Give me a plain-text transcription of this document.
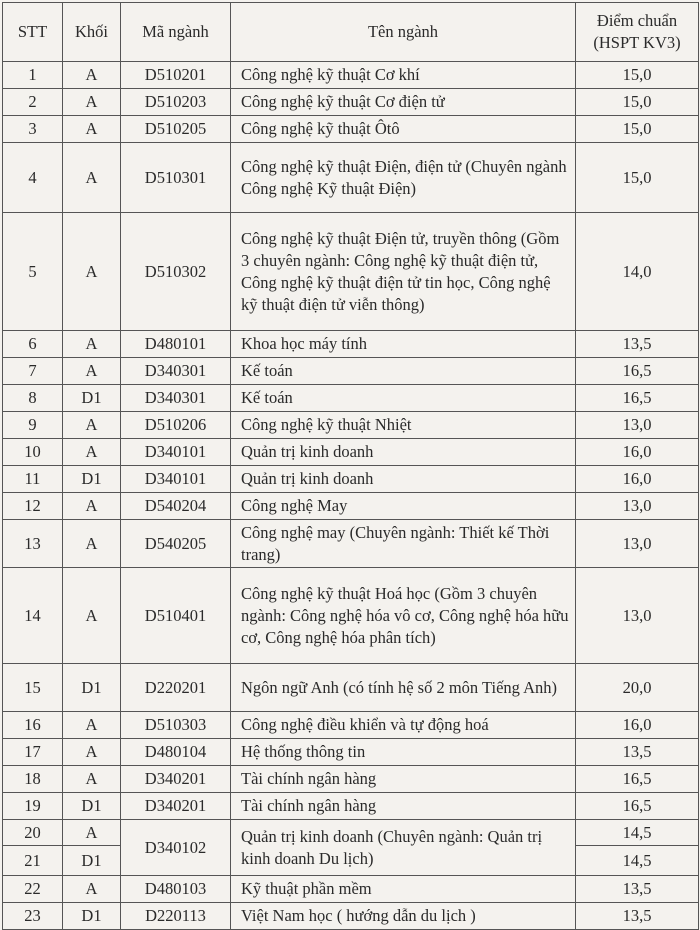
STT	Khối	Mã ngành	Tên ngành	Điểm chuẩn (HSPT KV3)
1	A	D510201	Công nghệ kỹ thuật Cơ khí	15,0
2	A	D510203	Công nghệ kỹ thuật Cơ điện tử	15,0
3	A	D510205	Công nghệ kỹ thuật Ôtô	15,0
4	A	D510301	Công nghệ kỹ thuật Điện, điện tử (Chuyên ngành Công nghệ Kỹ thuật Điện)	15,0
5	A	D510302	Công nghệ kỹ thuật Điện tử, truyền thông (Gồm 3 chuyên ngành: Công nghệ kỹ thuật điện tử, Công nghệ kỹ thuật điện tử tin học, Công nghệ kỹ thuật điện tử viễn thông)	14,0
6	A	D480101	Khoa học máy tính	13,5
7	A	D340301	Kế toán	16,5
8	D1	D340301	Kế toán	16,5
9	A	D510206	Công nghệ kỹ thuật Nhiệt	13,0
10	A	D340101	Quản trị kinh doanh	16,0
11	D1	D340101	Quản trị kinh doanh	16,0
12	A	D540204	Công nghệ May	13,0
13	A	D540205	Công nghệ may (Chuyên ngành: Thiết kế Thời trang)	13,0
14	A	D510401	Công nghệ kỹ thuật Hoá học (Gồm 3 chuyên ngành: Công nghệ hóa vô cơ, Công nghệ hóa hữu cơ, Công nghệ hóa phân tích)	13,0
15	D1	D220201	Ngôn ngữ Anh (có tính hệ số 2 môn Tiếng Anh)	20,0
16	A	D510303	Công nghệ điều khiển và tự động hoá	16,0
17	A	D480104	Hệ thống thông tin	13,5
18	A	D340201	Tài chính ngân hàng	16,5
19	D1	D340201	Tài chính ngân hàng	16,5
20	A	D340102	Quản trị kinh doanh (Chuyên ngành: Quản trị kinh doanh Du lịch)	14,5
21	D1			14,5
22	A	D480103	Kỹ thuật phần mềm	13,5
23	D1	D220113	Việt Nam học ( hướng dẫn du lịch )	13,5
